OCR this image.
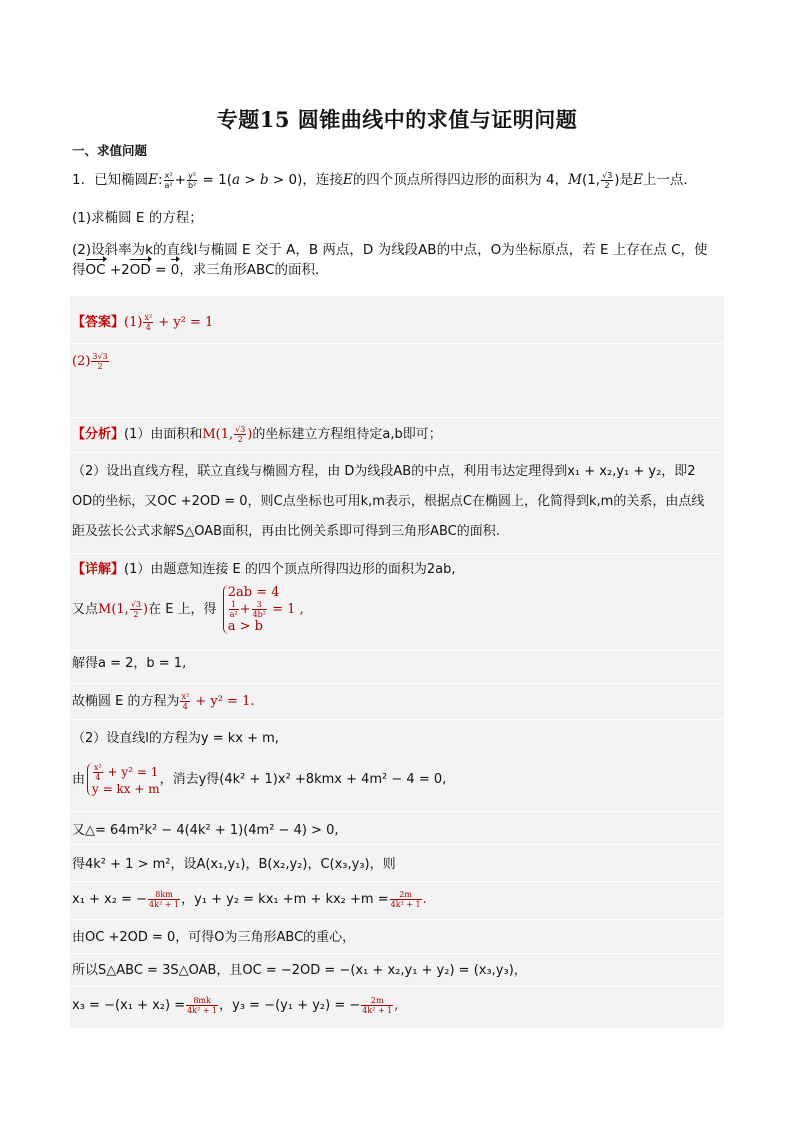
专题15 圆锥曲线中的求值与证明问题
一、求值问题
1．已知椭圆E: $\frac{\text{x²}}{\text{a²}} + \frac{\text{y²}}{\text{b²}} = 1(a > b > 0)$，连接E的四个顶点所得四边形的面积为 4，M(1, $\frac{√3}{2}$ )是E上一点．
(1)求椭圆 E 的方程；
(2)设斜率为k的直线l与椭圆 E 交于 A，B 两点，D 为线段AB的中点，O为坐标原点，若 E 上存在点 C，使
得OC +2OD = 0，求三角形ABC的面积．
【答案】$(1) \frac{\text{x²}}{4} + y^2 = 1$
$(2) \frac{3√3}{2}$
【分析】(1）由面积和M(1, $\frac{√3}{2}$ )的坐标建立方程组待定a,b即可；
（2）设出直线方程，联立直线与椭圆方程，由 D为线段AB的中点，利用韦达定理得到x₁ + x₂,y₁ + y₂，即2
OD的坐标，又OC +2OD = 0，则C点坐标也可用k,m表示，根据点C在椭圆上，化简得到k,m的关系，由点线
距及弦长公式求解S△OAB面积，再由比例关系即可得到三角形ABC的面积.
【详解】(1）由题意知连接 E 的四个顶点所得四边形的面积为2ab,
又点M(1, $\frac{√3}{2}$ )在 E 上，得
2ab = 4
$\frac{1}{\text{a²}} + \frac{3}{\text{4b²}} = 1$ ,
a > b
解得a = 2，b = 1,
故椭圆 E 的方程为 $\frac{\text{x²}}{4} + y^2 = 1$.
（2）设直线l的方程为y = kx + m,
由 $\frac{\text{x²}}{4} + y^2 = 1$
y = kx + m
，消去y得(4k² + 1)x² +8kmx + 4m² − 4 = 0,
又△= 64m²k² − 4(4k² + 1)(4m² − 4) > 0,
得4k² + 1 > m²，设A(x₁,y₁)，B(x₂,y₂)，C(x₃,y₃)，则
x₁ + x₂ = − $\frac{8km}{\text{4k² + 1}}$ ，$y_1 + y_2 = kx_1 +m + kx_2 +m = \frac{2m}{\text{4k² + 1}}$ .
由OC +2OD = 0，可得O为三角形ABC的重心，
所以S△ABC = 3S△OAB，且OC = −2OD = −(x₁ + x₂,y₁ + y₂) = (x₃,y₃)，
$x_3 = -(x_1 + x_2) = \frac{8mk}{\text{4k² + 1}}$ ，y₃ = −(y₁ + y₂) = − $\frac{2m}{\text{4k² + 1}}$ ,
